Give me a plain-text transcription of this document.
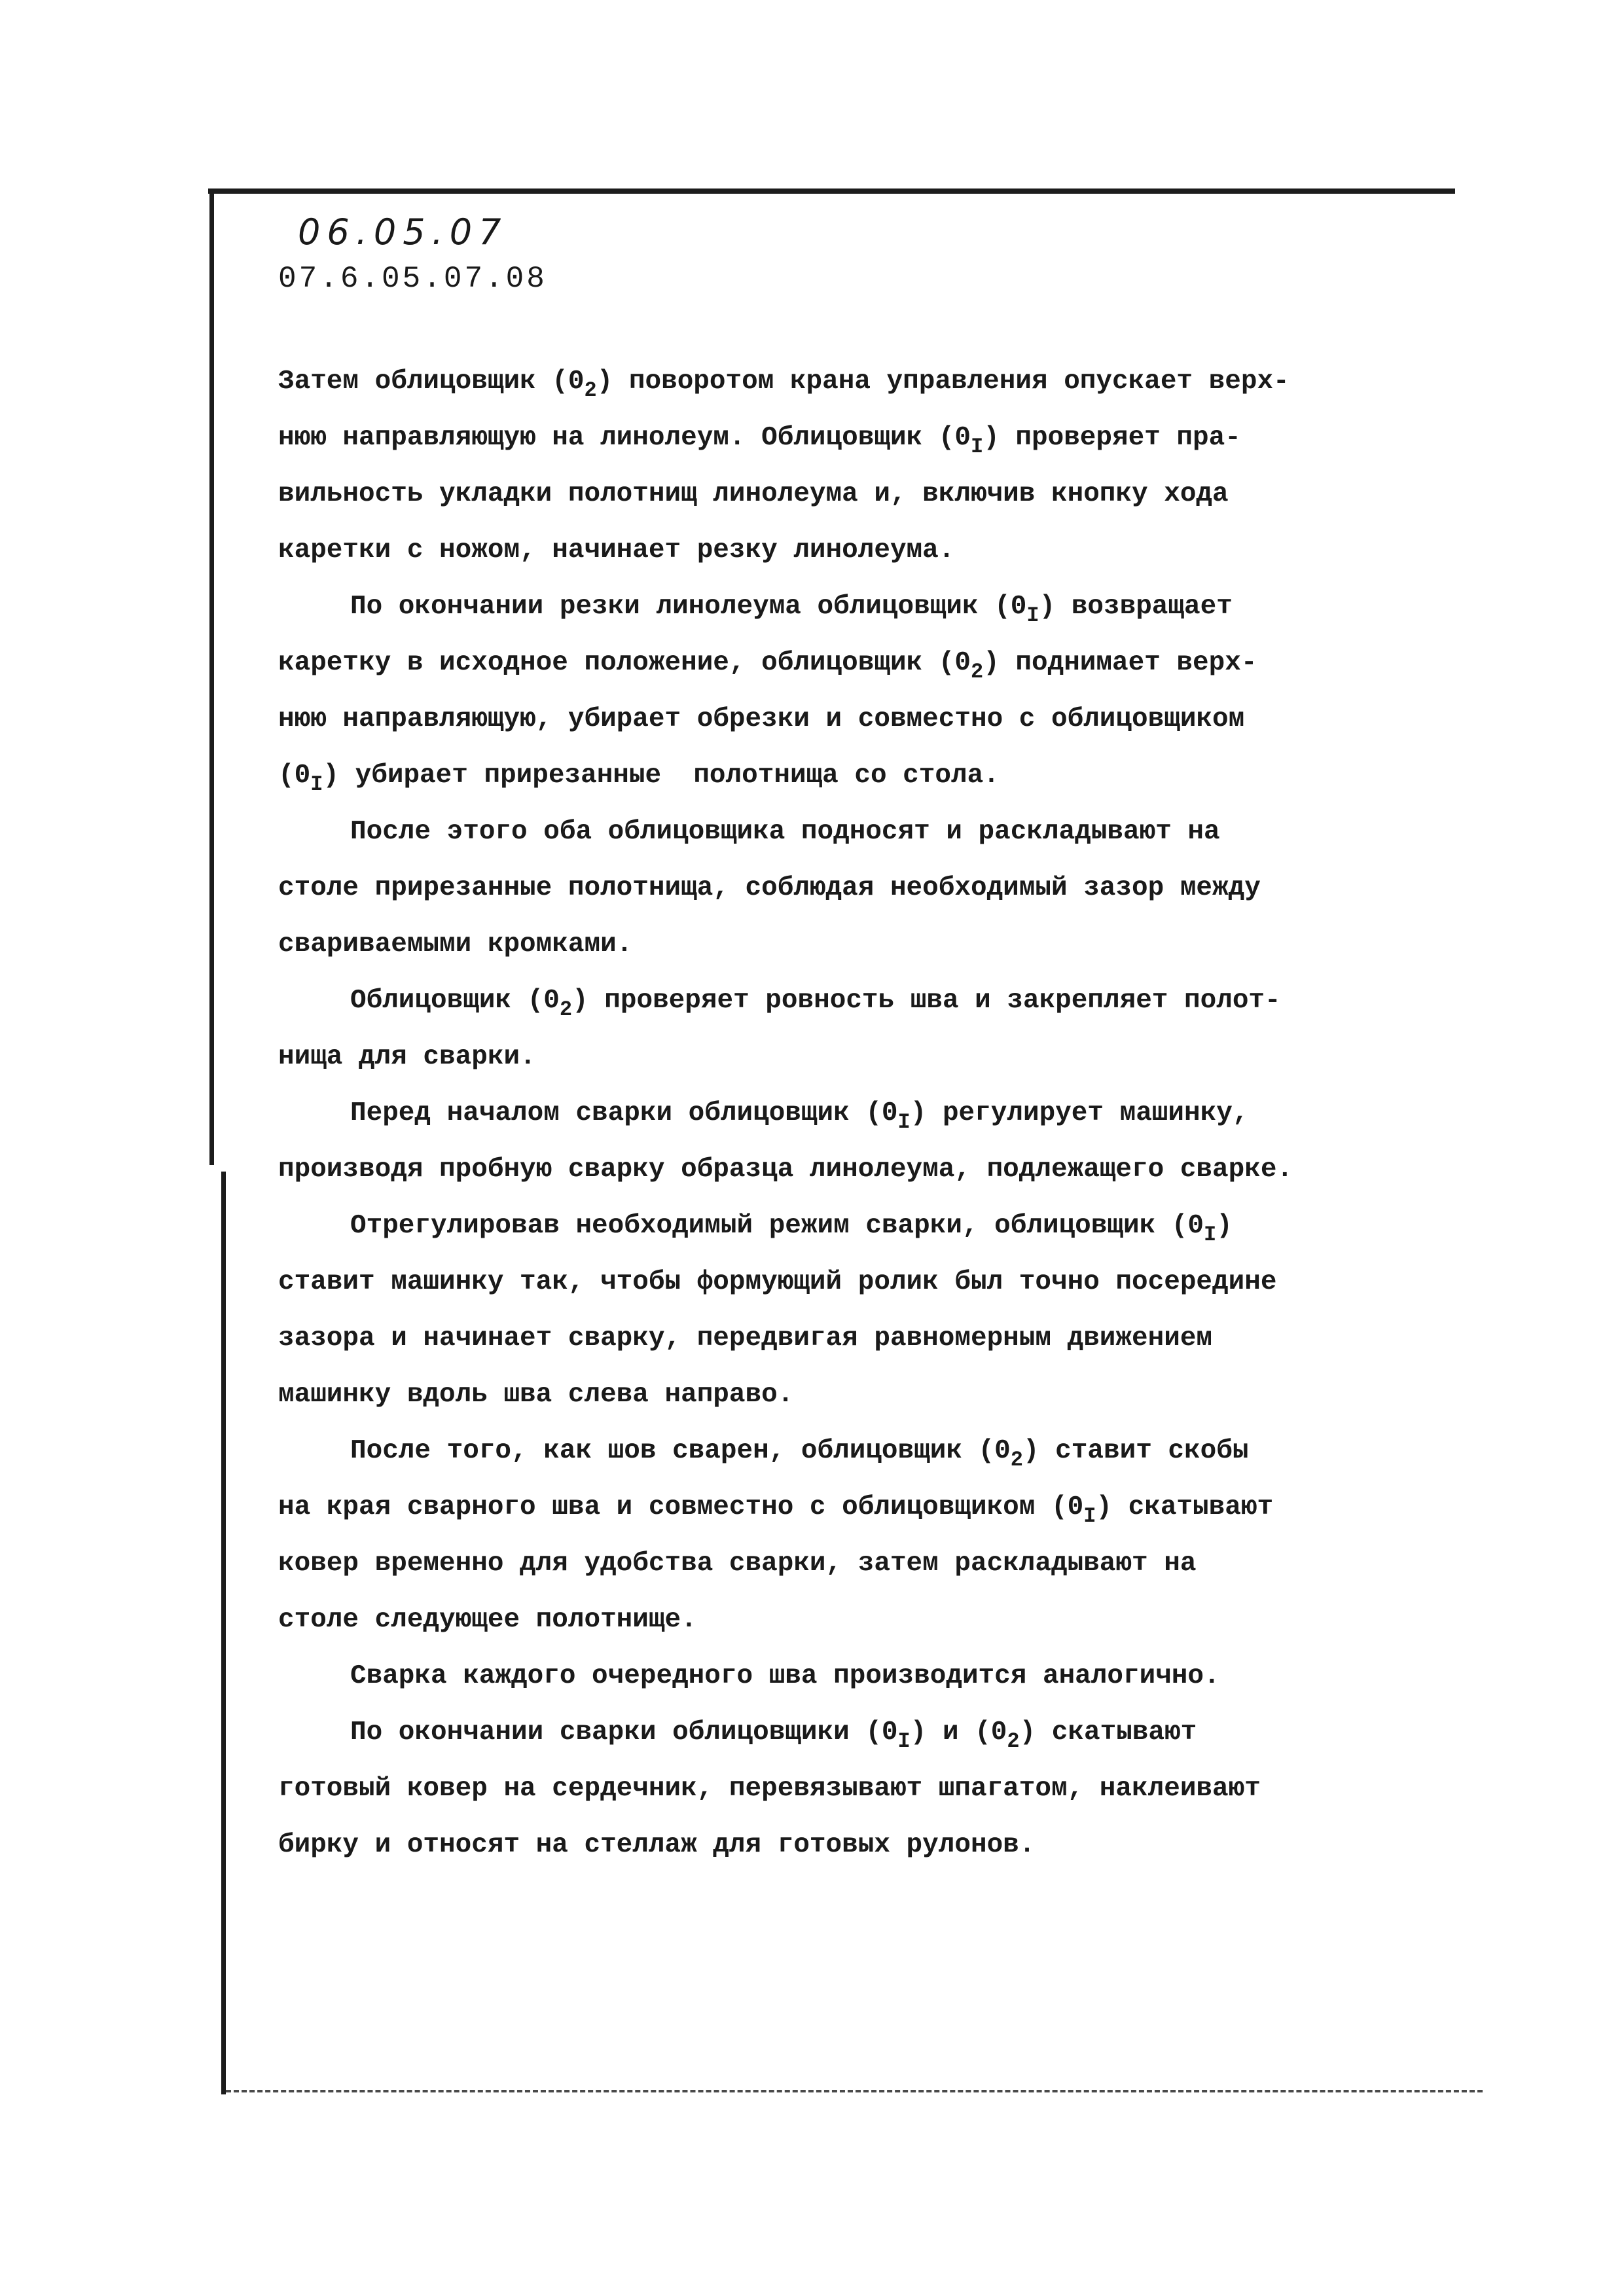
06.05.07
07.6.05.07.08
Затем облицовщик $(0_2)$ поворотом крана управления опускает верх-
нюю направляющую на линолеум. Облицовщик $(0_I)$ проверяет пра-
вильность укладки полотнищ линолеума и, включив кнопку хода
каретки с ножом, начинает резку линолеума.
По окончании резки линолеума облицовщик $(0_I)$ возвращает
каретку в исходное положение, облицовщик $(0_2)$ поднимает верх-
нюю направляющую, убирает обрезки и совместно с облицовщиком
$(0_I)$ убирает прирезанные  полотнища со стола.
После этого оба облицовщика подносят и раскладывают на
столе прирезанные полотнища, соблюдая необходимый зазор между
свариваемыми кромками.
Облицовщик $(0_2)$ проверяет ровность шва и закрепляет полот-
нища для сварки.
Перед началом сварки облицовщик $(0_I)$ регулирует машинку,
производя пробную сварку образца линолеума, подлежащего сварке.
Отрегулировав необходимый режим сварки, облицовщик $(0_I)$
ставит машинку так, чтобы формующий ролик был точно посередине
зазора и начинает сварку, передвигая равномерным движением
машинку вдоль шва слева направо.
После того, как шов сварен, облицовщик $(0_2)$ ставит скобы
на края сварного шва и совместно с облицовщиком $(0_I)$ скатывают
ковер временно для удобства сварки, затем раскладывают на
столе следующее полотнище.
Сварка каждого очередного шва производится аналогично.
По окончании сварки облицовщики $(0_I)$ и $(0_2)$ скатывают
готовый ковер на сердечник, перевязывают шпагатом, наклеивают
бирку и относят на стеллаж для готовых рулонов.
